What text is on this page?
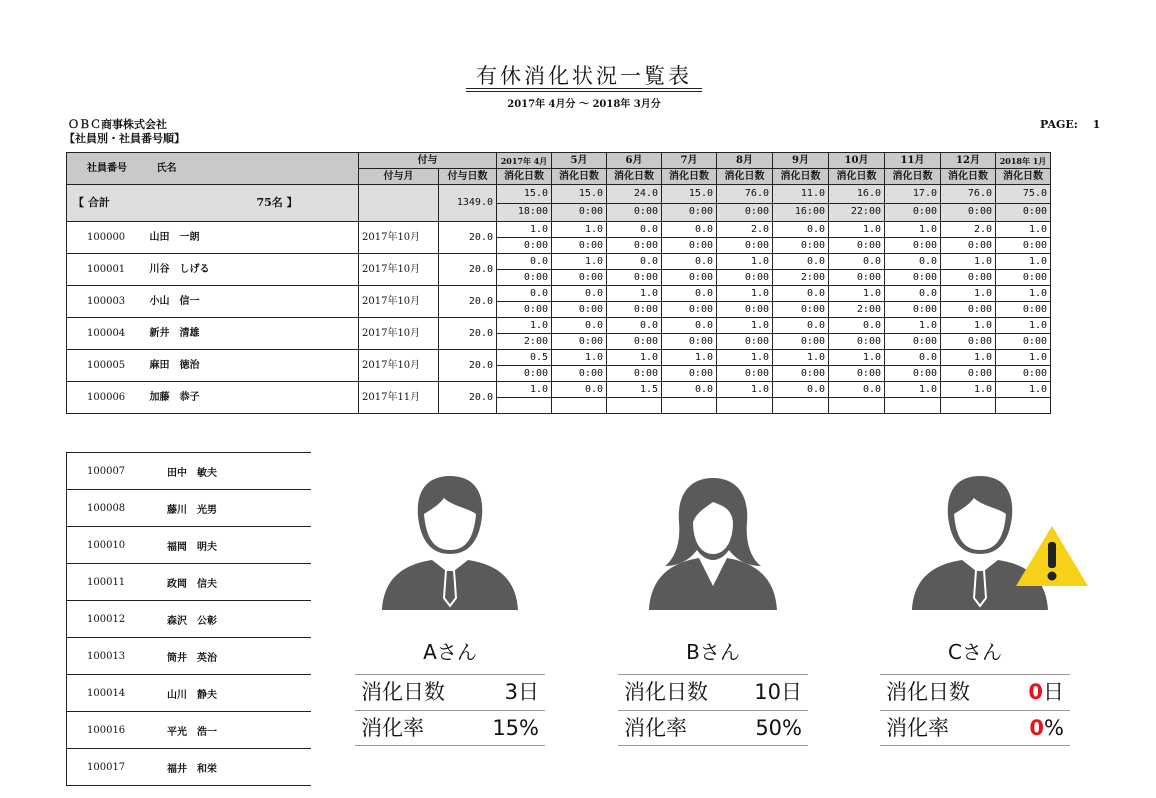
有休消化状況一覧表
2017年 4月分 〜 2018年 3月分
ＯＢＣ商事株式会社
【社員別・社員番号順】
PAGE:　 1
社員番号	氏名	付与		2017年 4月	5月	6月	7月	8月	9月	10月	11月	12月	2018年 1月
		付与月	付与日数	消化日数	消化日数	消化日数	消化日数	消化日数	消化日数	消化日数	消化日数	消化日数	消化日数
【 合計	75名 】		1349.0	15.0	15.0	24.0	15.0	76.0	11.0	16.0	17.0	76.0	75.0
				18:00	0:00	0:00	0:00	0:00	16:00	22:00	0:00	0:00	0:00
100000	山田　一朗	2017年10月	20.0	1.0	1.0	0.0	0.0	2.0	0.0	1.0	1.0	2.0	1.0
				0:00	0:00	0:00	0:00	0:00	0:00	0:00	0:00	0:00	0:00
100001	川谷　しげる	2017年10月	20.0	0.0	1.0	0.0	0.0	1.0	0.0	0.0	0.0	1.0	1.0
				0:00	0:00	0:00	0:00	0:00	2:00	0:00	0:00	0:00	0:00
100003	小山　信一	2017年10月	20.0	0.0	0.0	1.0	0.0	1.0	0.0	1.0	0.0	1.0	1.0
				0:00	0:00	0:00	0:00	0:00	0:00	2:00	0:00	0:00	0:00
100004	新井　清雄	2017年10月	20.0	1.0	0.0	0.0	0.0	1.0	0.0	0.0	1.0	1.0	1.0
				2:00	0:00	0:00	0:00	0:00	0:00	0:00	0:00	0:00	0:00
100005	麻田　徳治	2017年10月	20.0	0.5	1.0	1.0	1.0	1.0	1.0	1.0	0.0	1.0	1.0
				0:00	0:00	0:00	0:00	0:00	0:00	0:00	0:00	0:00	0:00
100006	加藤　恭子	2017年11月	20.0	1.0	0.0	1.5	0.0	1.0	0.0	0.0	1.0	1.0	1.0

100007	田中　敏夫
100008	藤川　光男
100010	福岡　明夫
100011	政岡　信夫
100012	森沢　公彰
100013	筒井　英治
100014	山川　静夫
100016	平光　浩一
100017	福井　和栄
Aさん
消化日数	3日
消化率	15%
Bさん
消化日数 10日
消化率	50%
Cさん
消化日数	0日
消化率	0%
